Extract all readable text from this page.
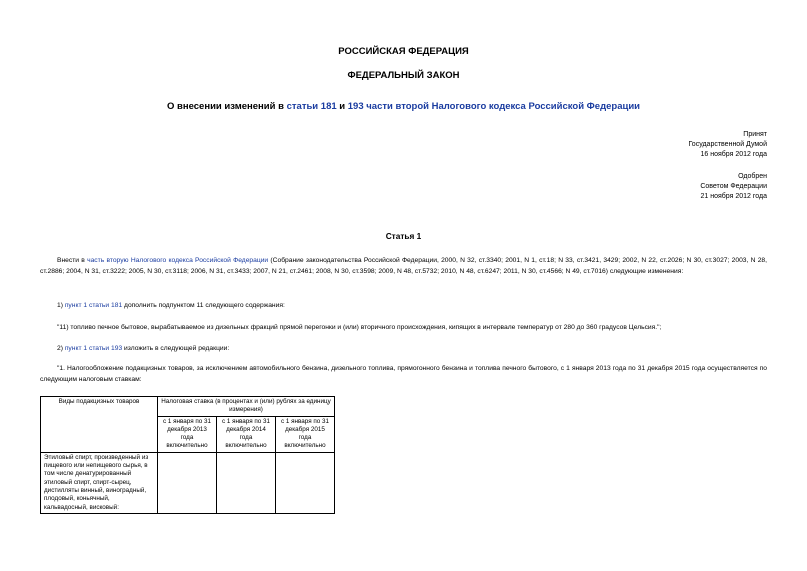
РОССИЙСКАЯ ФЕДЕРАЦИЯ
ФЕДЕРАЛЬНЫЙ ЗАКОН
О внесении изменений в статьи 181 и 193 части второй Налогового кодекса Российской Федерации
Принят
Государственной Думой
16 ноября 2012 года
Одобрен
Советом Федерации
21 ноября 2012 года
Статья 1
Внести в часть вторую Налогового кодекса Российской Федерации (Собрание законодательства Российской Федерации, 2000, N 32, ст.3340; 2001, N 1, ст.18; N 33, ст.3421, 3429; 2002, N 22, ст.2026; N 30, ст.3027; 2003, N 28, ст.2886; 2004, N 31, ст.3222; 2005, N 30, ст.3118; 2006, N 31, ст.3433; 2007, N 21, ст.2461; 2008, N 30, ст.3598; 2009, N 48, ст.5732; 2010, N 48, ст.6247; 2011, N 30, ст.4566; N 49, ст.7016) следующие изменения:
1) пункт 1 статьи 181 дополнить подпунктом 11 следующего содержания:
"11) топливо печное бытовое, вырабатываемое из дизельных фракций прямой перегонки и (или) вторичного происхождения, кипящих в интервале температур от 280 до 360 градусов Цельсия.";
2) пункт 1 статьи 193 изложить в следующей редакции:
"1. Налогообложение подакцизных товаров, за исключением автомобильного бензина, дизельного топлива, прямогонного бензина и топлива печного бытового, с 1 января 2013 года по 31 декабря 2015 года осуществляется по следующим налоговым ставкам:
Виды подакцизных товаров	Налоговая ставка (в процентах и (или) рублях за единицу измерения)		
	с 1 января по 31 декабря 2013 года включительно	с 1 января по 31 декабря 2014 года включительно	с 1 января по 31 декабря 2015 года включительно
Этиловый спирт, произведенный из пищевого или непищевого сырья, в том числе денатурированный этиловый спирт, спирт-сырец, дистилляты винный, виноградный, плодовый, коньячный, кальвадосный, висковый:			
